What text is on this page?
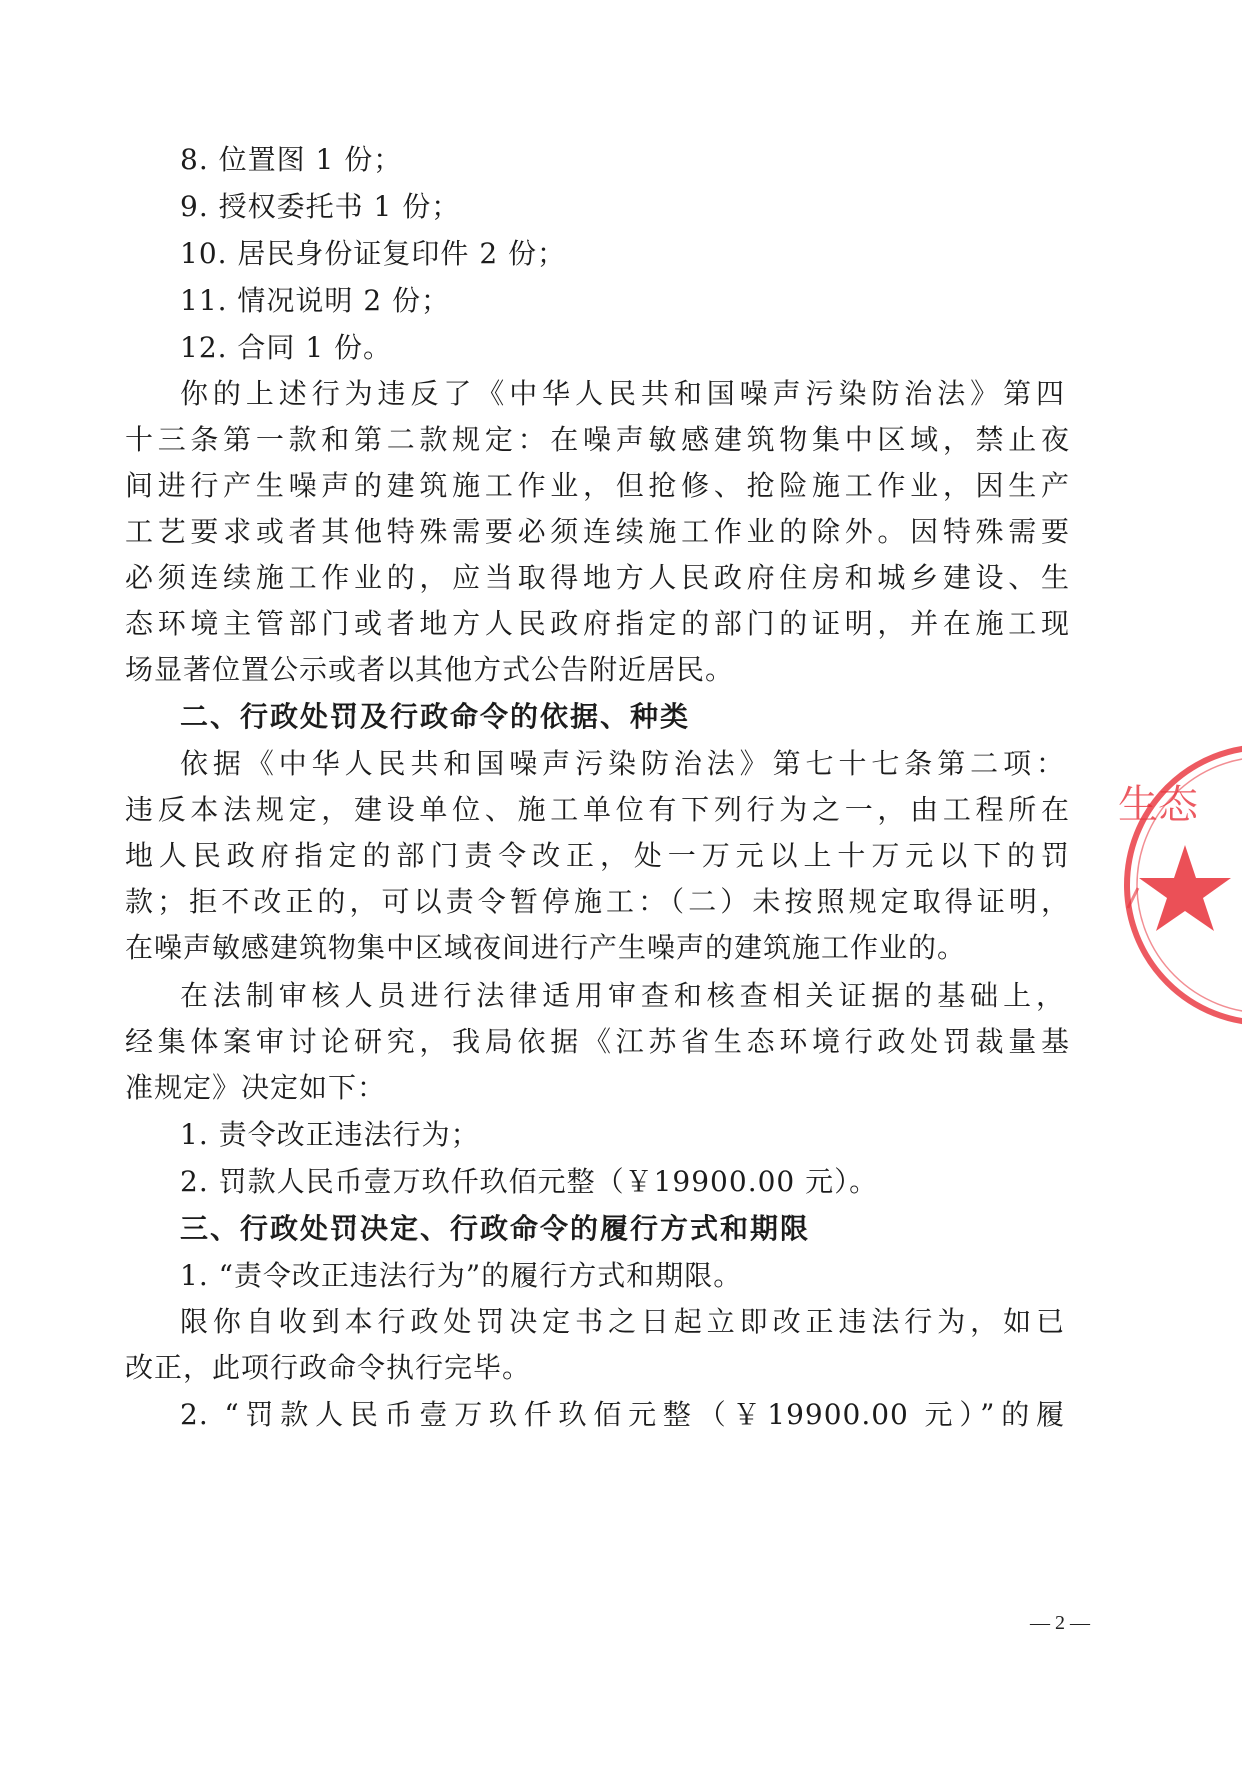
8. 位置图 1 份；
9. 授权委托书 1 份；
10. 居民身份证复印件 2 份；
11. 情况说明 2 份；
12. 合同 1 份。
你的上述行为违反了《中华人民共和国噪声污染防治法》第四
十三条第一款和第二款规定：在噪声敏感建筑物集中区域，禁止夜
间进行产生噪声的建筑施工作业，但抢修、抢险施工作业，因生产
工艺要求或者其他特殊需要必须连续施工作业的除外。因特殊需要
必须连续施工作业的，应当取得地方人民政府住房和城乡建设、生
态环境主管部门或者地方人民政府指定的部门的证明，并在施工现
场显著位置公示或者以其他方式公告附近居民。
二、行政处罚及行政命令的依据、种类
依据《中华人民共和国噪声污染防治法》第七十七条第二项：
违反本法规定，建设单位、施工单位有下列行为之一，由工程所在
地人民政府指定的部门责令改正，处一万元以上十万元以下的罚
款；拒不改正的，可以责令暂停施工：（二）未按照规定取得证明，
在噪声敏感建筑物集中区域夜间进行产生噪声的建筑施工作业的。
在法制审核人员进行法律适用审查和核查相关证据的基础上，
经集体案审讨论研究，我局依据《江苏省生态环境行政处罚裁量基
准规定》决定如下：
1. 责令改正违法行为；
2. 罚款人民币壹万玖仟玖佰元整（￥19900.00 元）。
三、行政处罚决定、行政命令的履行方式和期限
1. “责令改正违法行为”的履行方式和期限。
限你自收到本行政处罚决定书之日起立即改正违法行为，如已
改正，此项行政命令执行完毕。
2. “罚款人民币壹万玖仟玖佰元整（￥19900.00 元）”的履
— 2 —
生态
